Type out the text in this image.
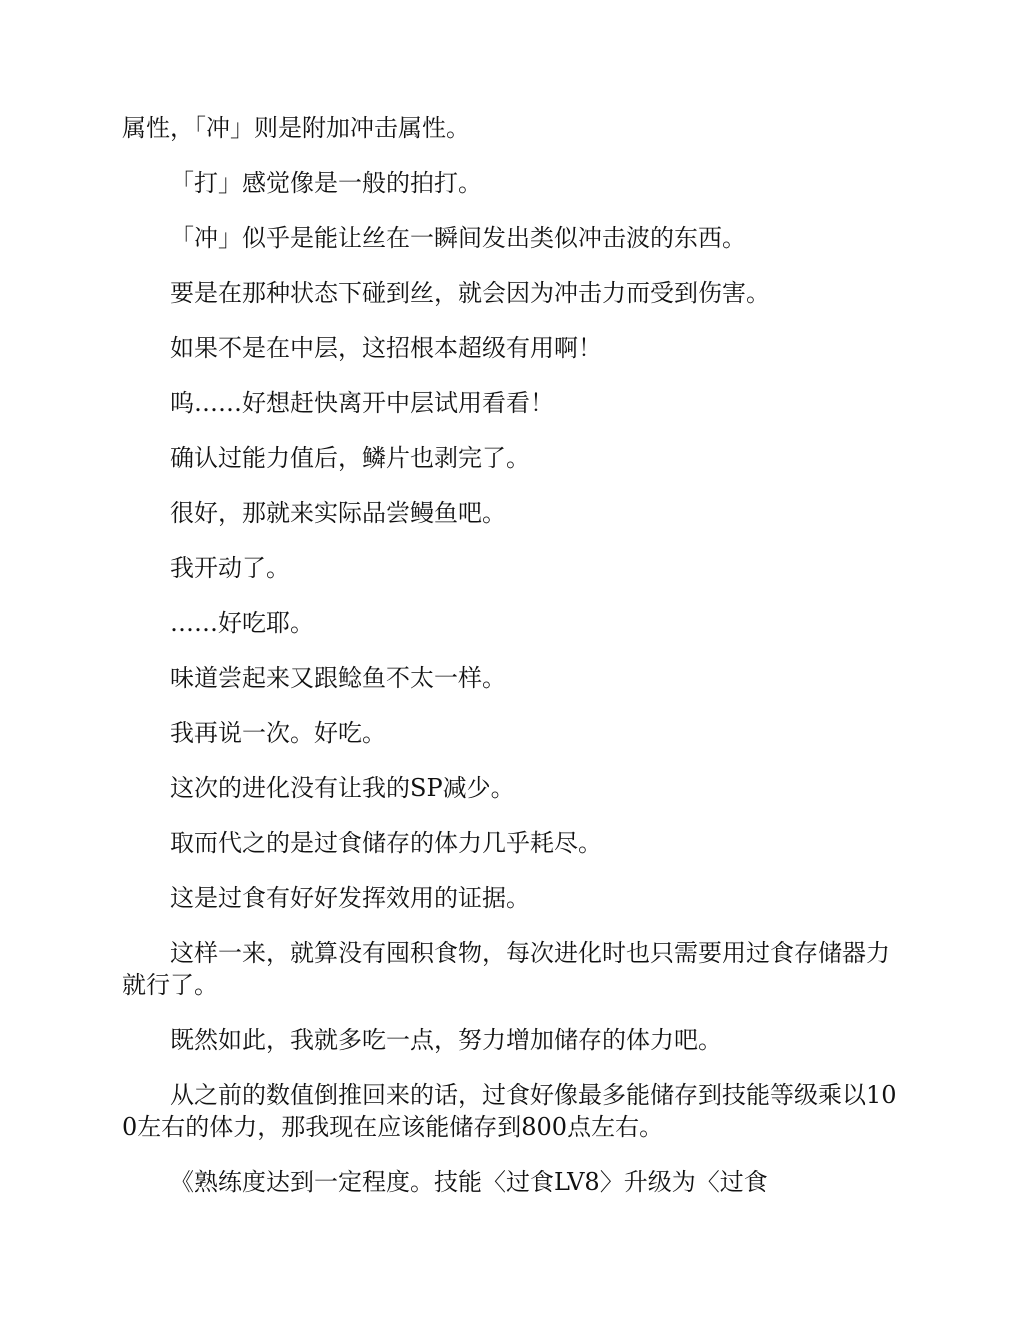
属性，「冲」则是附加冲击属性。

「打」感觉像是一般的拍打。

「冲」似乎是能让丝在一瞬间发出类似冲击波的东西。

要是在那种状态下碰到丝，就会因为冲击力而受到伤害。

如果不是在中层，这招根本超级有用啊！

呜……好想赶快离开中层试用看看！

确认过能力值后，鳞片也剥完了。

很好，那就来实际品尝鳗鱼吧。

我开动了。

……好吃耶。

味道尝起来又跟鲶鱼不太一样。

我再说一次。好吃。

这次的进化没有让我的SP减少。

取而代之的是过食储存的体力几乎耗尽。

这是过食有好好发挥效用的证据。

这样一来，就算没有囤积食物，每次进化时也只需要用过食存储器力就行了。

既然如此，我就多吃一点，努力增加储存的体力吧。

从之前的数值倒推回来的话，过食好像最多能储存到技能等级乘以100左右的体力，那我现在应该能储存到800点左右。

《熟练度达到一定程度。技能〈过食LV8〉升级为〈过食
